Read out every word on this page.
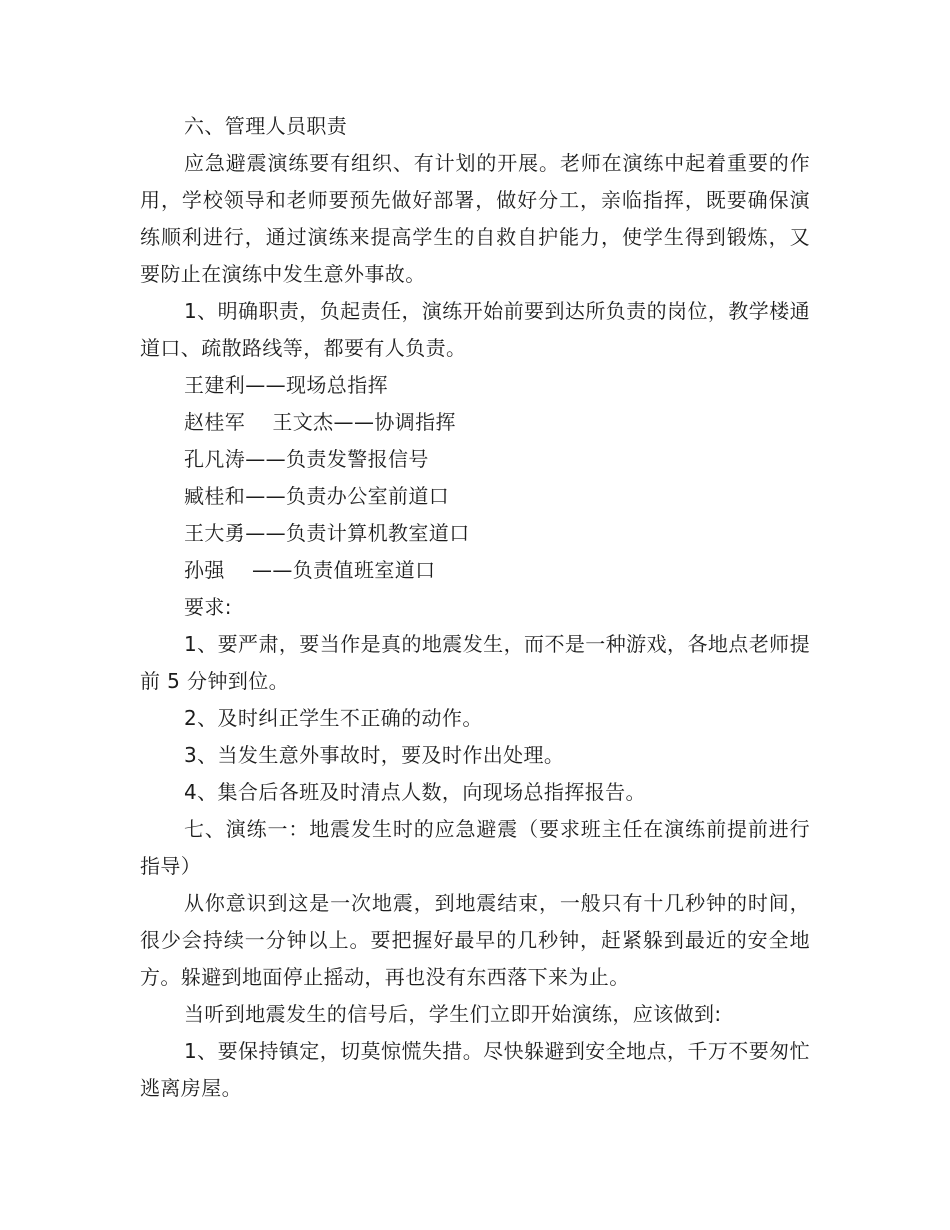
六、管理人员职责

应急避震演练要有组织、有计划的开展。老师在演练中起着重要的作用，学校领导和老师要预先做好部署，做好分工，亲临指挥，既要确保演练顺利进行，通过演练来提高学生的自救自护能力，使学生得到锻炼，又要防止在演练中发生意外事故。

1、明确职责，负起责任，演练开始前要到达所负责的岗位，教学楼通道口、疏散路线等，都要有人负责。

王建利——现场总指挥

赵桂军　 王文杰——协调指挥

孔凡涛——负责发警报信号

臧桂和——负责办公室前道口

王大勇——负责计算机教室道口

孙强　 ——负责值班室道口

要求:

1、要严肃，要当作是真的地震发生，而不是一种游戏，各地点老师提前 5 分钟到位。

2、及时纠正学生不正确的动作。

3、当发生意外事故时，要及时作出处理。

4、集合后各班及时清点人数，向现场总指挥报告。

七、演练一：地震发生时的应急避震（要求班主任在演练前提前进行指导）

从你意识到这是一次地震，到地震结束，一般只有十几秒钟的时间，很少会持续一分钟以上。要把握好最早的几秒钟，赶紧躲到最近的安全地方。躲避到地面停止摇动，再也没有东西落下来为止。

当听到地震发生的信号后，学生们立即开始演练，应该做到:

1、要保持镇定，切莫惊慌失措。尽快躲避到安全地点，千万不要匆忙逃离房屋。
